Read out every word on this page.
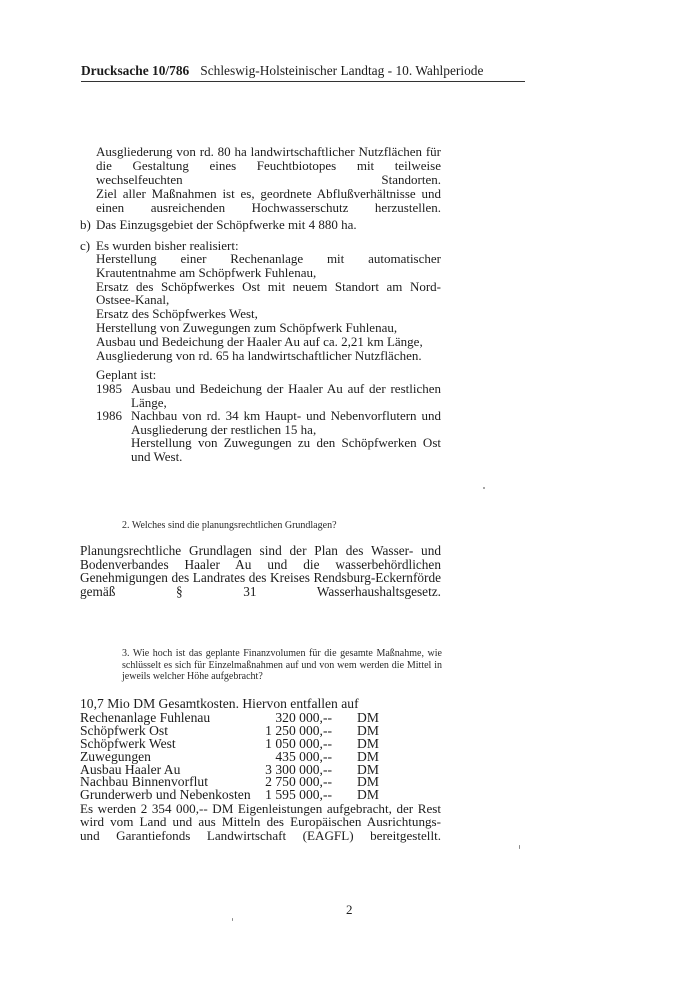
Drucksache 10/786 Schleswig-Holsteinischer Landtag - 10. Wahlperiode
Ausgliederung von rd. 80 ha landwirtschaftlicher Nutzflächen für die Gestaltung eines Feuchtbiotopes mit teilweise wechselfeuchten Standorten.
Ziel aller Maßnahmen ist es, geordnete Abflußverhältnisse und einen ausreichenden Hochwasserschutz herzustellen.
b) Das Einzugsgebiet der Schöpfwerke mit 4 880 ha.
c) Es wurden bisher realisiert:
Herstellung einer Rechenanlage mit automatischer Krautentnahme am Schöpfwerk Fuhlenau,
Ersatz des Schöpfwerkes Ost mit neuem Standort am Nord-Ostsee-Kanal,
Ersatz des Schöpfwerkes West,
Herstellung von Zuwegungen zum Schöpfwerk Fuhlenau,
Ausbau und Bedeichung der Haaler Au auf ca. 2,21 km Länge,
Ausgliederung von rd. 65 ha landwirtschaftlicher Nutzflächen.
Geplant ist:
1985 Ausbau und Bedeichung der Haaler Au auf der restlichen Länge,
1986 Nachbau von rd. 34 km Haupt- und Nebenvorflutern und Ausgliederung der restlichen 15 ha,
Herstellung von Zuwegungen zu den Schöpfwerken Ost und West.
2. Welches sind die planungsrechtlichen Grundlagen?
Planungsrechtliche Grundlagen sind der Plan des Wasser- und Bodenverbandes Haaler Au und die wasserbehördlichen Genehmigungen des Landrates des Kreises Rendsburg-Eckernförde gemäß § 31 Wasserhaushaltsgesetz.
3. Wie hoch ist das geplante Finanzvolumen für die gesamte Maßnahme, wie schlüsselt es sich für Einzelmaßnahmen auf und von wem werden die Mittel in jeweils welcher Höhe aufgebracht?
10,7 Mio DM Gesamtkosten. Hiervon entfallen auf
Rechenanlage Fuhlenau	320 000,-- DM
Schöpfwerk Ost	1 250 000,-- DM
Schöpfwerk West	1 050 000,-- DM
Zuwegungen	435 000,-- DM
Ausbau Haaler Au	3 300 000,-- DM
Nachbau Binnenvorflut	2 750 000,-- DM
Grunderwerb und Nebenkosten 1 595 000,-- DM
Es werden 2 354 000,-- DM Eigenleistungen aufgebracht, der Rest wird vom Land und aus Mitteln des Europäischen Ausrichtungs- und Garantiefonds Landwirtschaft (EAGFL) bereitgestellt.
2
